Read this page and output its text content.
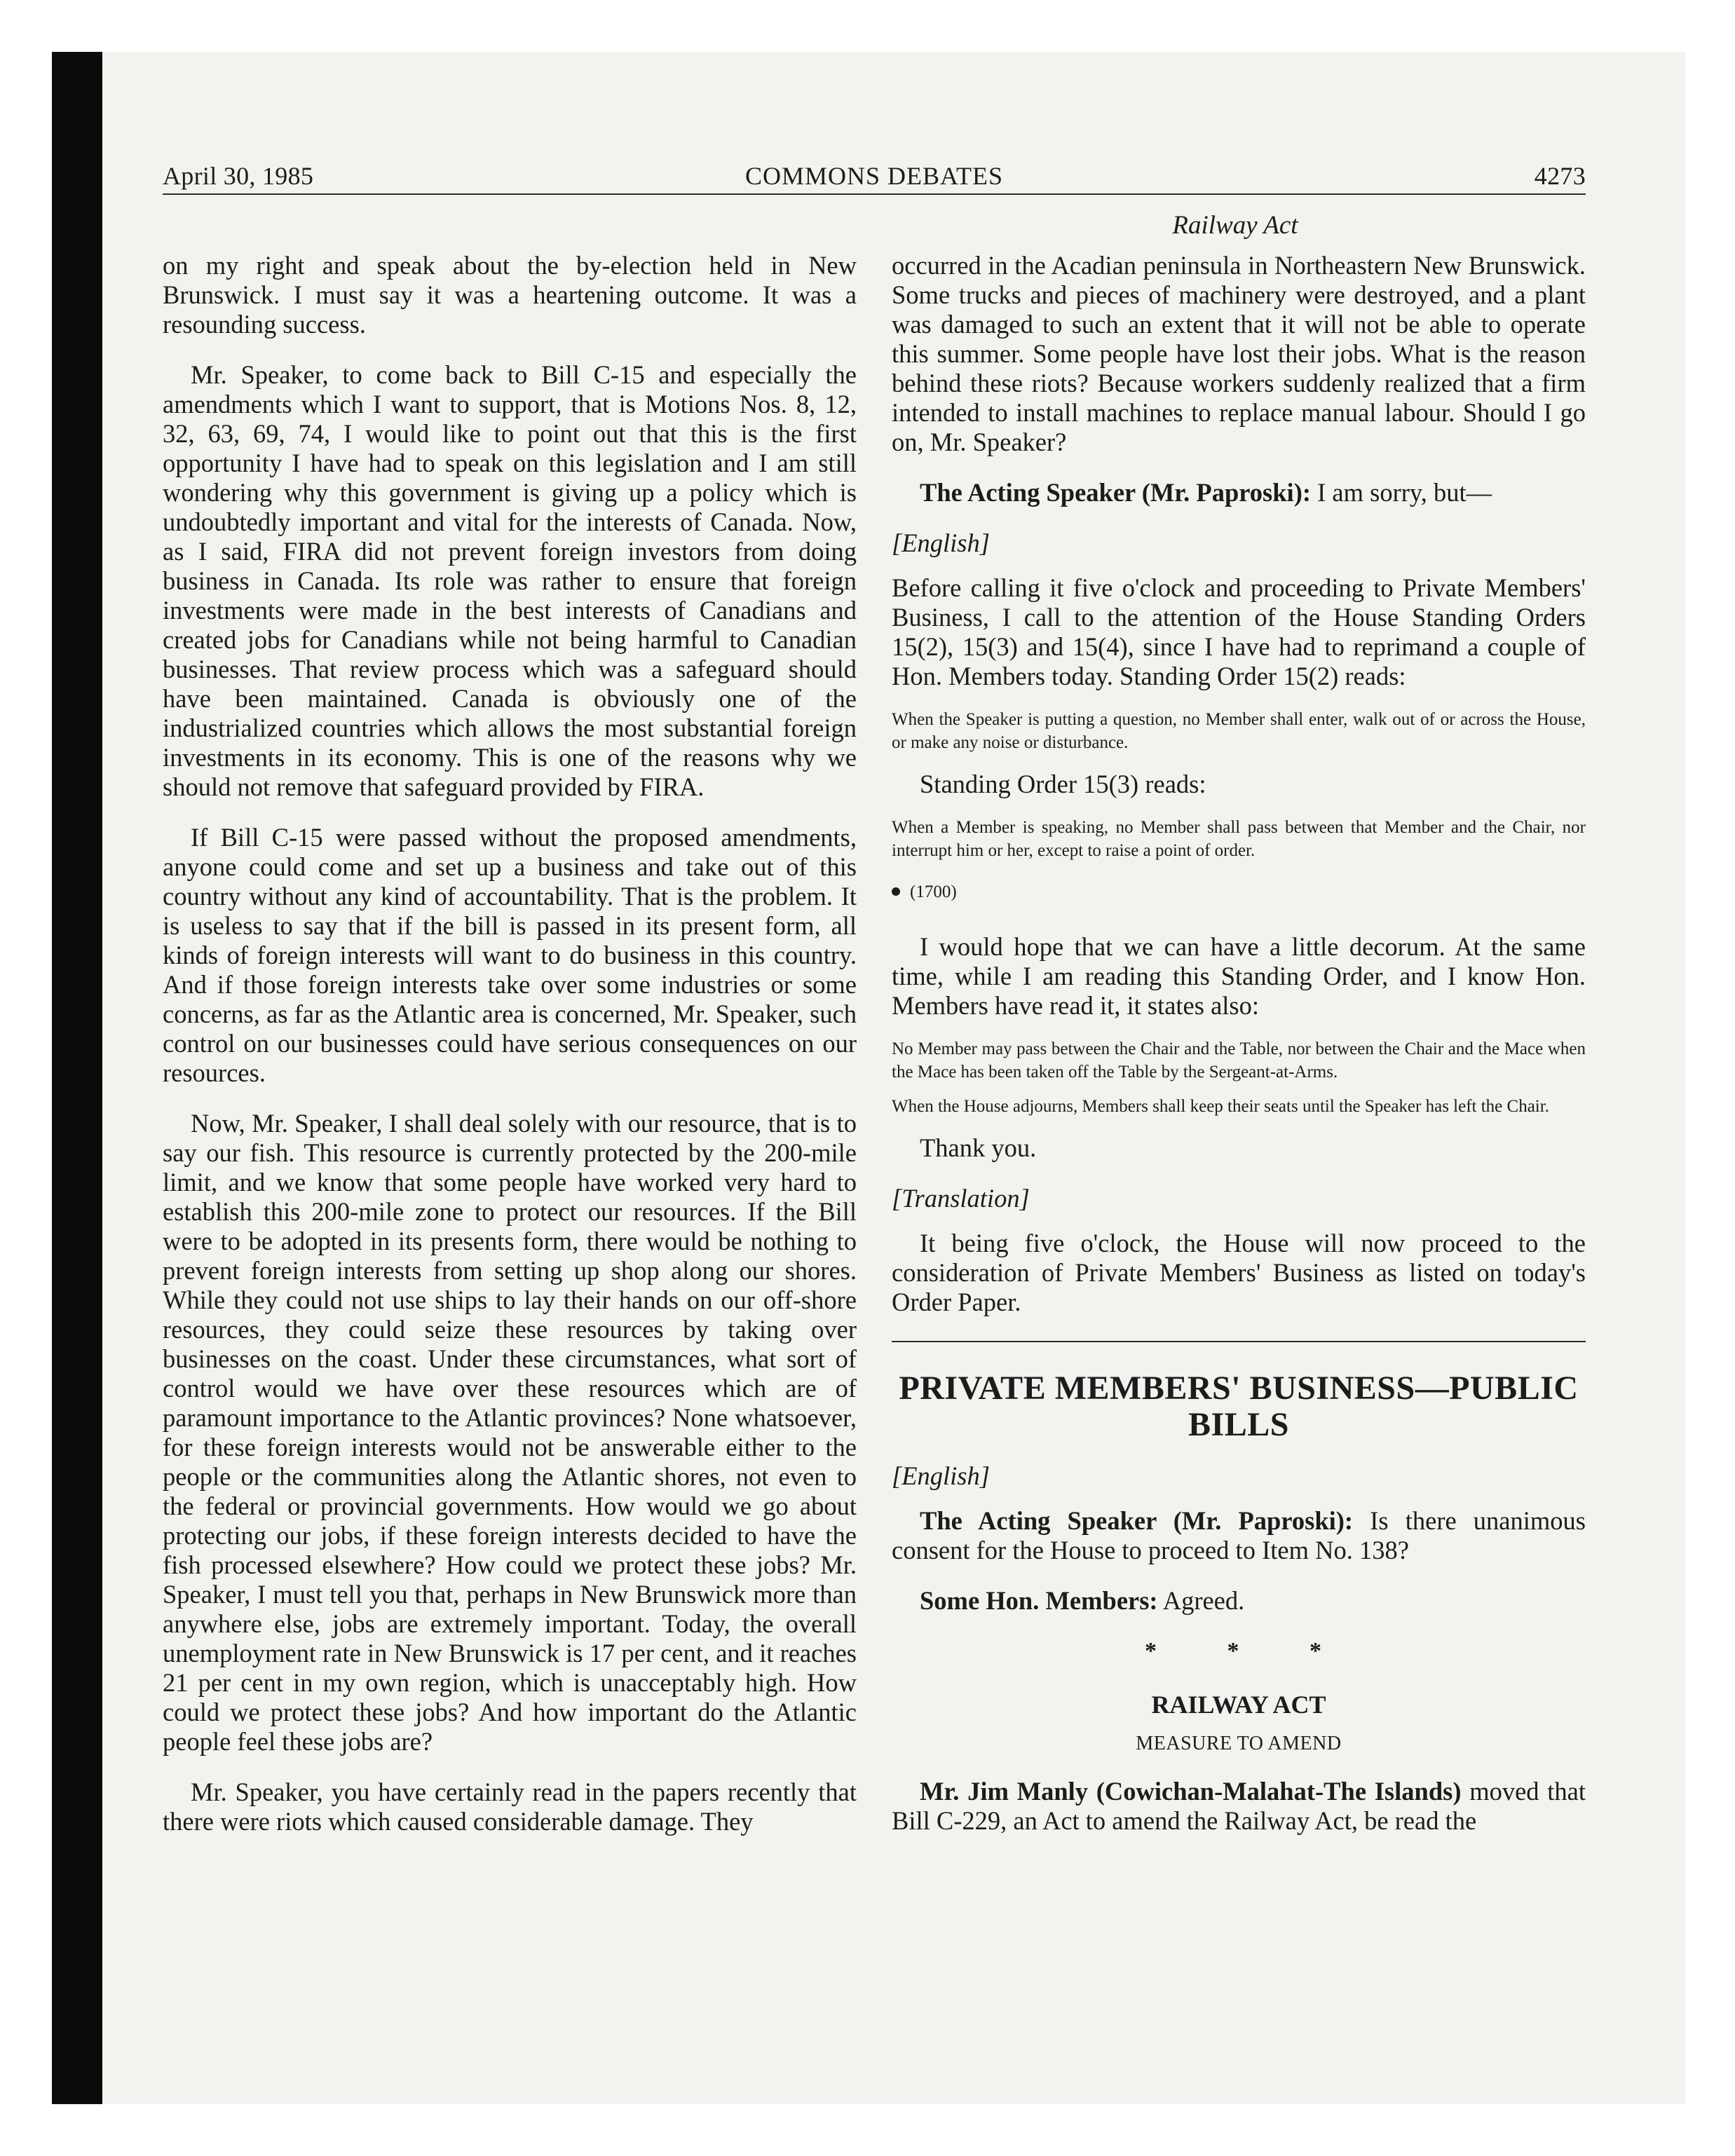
April 30, 1985	COMMONS DEBATES	4273
Railway Act

on my right and speak about the by-election held in New Brunswick. I must say it was a heartening outcome. It was a resounding success.

Mr. Speaker, to come back to Bill C-15 and especially the amendments which I want to support, that is Motions Nos. 8, 12, 32, 63, 69, 74, I would like to point out that this is the first opportunity I have had to speak on this legislation and I am still wondering why this government is giving up a policy which is undoubtedly important and vital for the interests of Canada. Now, as I said, FIRA did not prevent foreign investors from doing business in Canada. Its role was rather to ensure that foreign investments were made in the best interests of Canadians and created jobs for Canadians while not being harmful to Canadian businesses. That review process which was a safeguard should have been maintained. Canada is obviously one of the industrialized countries which allows the most substantial foreign investments in its economy. This is one of the reasons why we should not remove that safeguard provided by FIRA.

If Bill C-15 were passed without the proposed amendments, anyone could come and set up a business and take out of this country without any kind of accountability. That is the problem. It is useless to say that if the bill is passed in its present form, all kinds of foreign interests will want to do business in this country. And if those foreign interests take over some industries or some concerns, as far as the Atlantic area is concerned, Mr. Speaker, such control on our businesses could have serious consequences on our resources.

Now, Mr. Speaker, I shall deal solely with our resource, that is to say our fish. This resource is currently protected by the 200-mile limit, and we know that some people have worked very hard to establish this 200-mile zone to protect our resources. If the Bill were to be adopted in its presents form, there would be nothing to prevent foreign interests from setting up shop along our shores. While they could not use ships to lay their hands on our off-shore resources, they could seize these resources by taking over businesses on the coast. Under these circumstances, what sort of control would we have over these resources which are of paramount importance to the Atlantic provinces? None whatsoever, for these foreign interests would not be answerable either to the people or the communities along the Atlantic shores, not even to the federal or provincial governments. How would we go about protecting our jobs, if these foreign interests decided to have the fish processed elsewhere? How could we protect these jobs? Mr. Speaker, I must tell you that, perhaps in New Brunswick more than anywhere else, jobs are extremely important. Today, the overall unemployment rate in New Brunswick is 17 per cent, and it reaches 21 per cent in my own region, which is unacceptably high. How could we protect these jobs? And how important do the Atlantic people feel these jobs are?

Mr. Speaker, you have certainly read in the papers recently that there were riots which caused considerable damage. They

occurred in the Acadian peninsula in Northeastern New Brunswick. Some trucks and pieces of machinery were destroyed, and a plant was damaged to such an extent that it will not be able to operate this summer. Some people have lost their jobs. What is the reason behind these riots? Because workers suddenly realized that a firm intended to install machines to replace manual labour. Should I go on, Mr. Speaker?

The Acting Speaker (Mr. Paproski): I am sorry, but—

[English]

Before calling it five o'clock and proceeding to Private Members' Business, I call to the attention of the House Standing Orders 15(2), 15(3) and 15(4), since I have had to reprimand a couple of Hon. Members today. Standing Order 15(2) reads:

When the Speaker is putting a question, no Member shall enter, walk out of or across the House, or make any noise or disturbance.

Standing Order 15(3) reads:

When a Member is speaking, no Member shall pass between that Member and the Chair, nor interrupt him or her, except to raise a point of order.
(1700)

I would hope that we can have a little decorum. At the same time, while I am reading this Standing Order, and I know Hon. Members have read it, it states also:

No Member may pass between the Chair and the Table, nor between the Chair and the Mace when the Mace has been taken off the Table by the Sergeant-at-Arms.
When the House adjourns, Members shall keep their seats until the Speaker has left the Chair.

Thank you.

[Translation]

It being five o'clock, the House will now proceed to the consideration of Private Members' Business as listed on today's Order Paper.

PRIVATE MEMBERS' BUSINESS—PUBLIC BILLS
[English]

The Acting Speaker (Mr. Paproski): Is there unanimous consent for the House to proceed to Item No. 138?

Some Hon. Members: Agreed.

* * *
RAILWAY ACT
MEASURE TO AMEND

Mr. Jim Manly (Cowichan-Malahat-The Islands) moved that Bill C-229, an Act to amend the Railway Act, be read the
